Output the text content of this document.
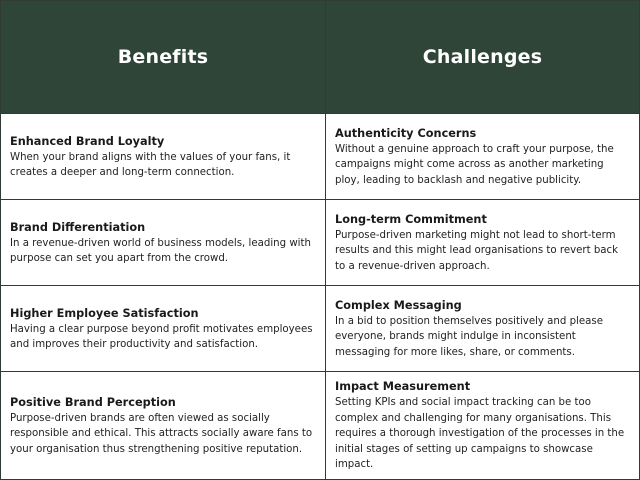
Benefits	Challenges
Enhanced Brand Loyalty
When your brand aligns with the values of your fans, it creates a deeper and long-term connection.
Authenticity Concerns
Without a genuine approach to craft your purpose, the campaigns might come across as another marketing ploy, leading to backlash and negative publicity.
Brand Differentiation
In a revenue-driven world of business models, leading with purpose can set you apart from the crowd.
Long-term Commitment
Purpose-driven marketing might not lead to short-term results and this might lead organisations to revert back to a revenue-driven approach.
Higher Employee Satisfaction
Having a clear purpose beyond profit motivates employees and improves their productivity and satisfaction.
Complex Messaging
In a bid to position themselves positively and please everyone, brands might indulge in inconsistent messaging for more likes, share, or comments.
Positive Brand Perception
Purpose-driven brands are often viewed as socially responsible and ethical. This attracts socially aware fans to your organisation thus strengthening positive reputation.
Impact Measurement
Setting KPIs and social impact tracking can be too complex and challenging for many organisations. This requires a thorough investigation of the processes in the initial stages of setting up campaigns to showcase impact.
